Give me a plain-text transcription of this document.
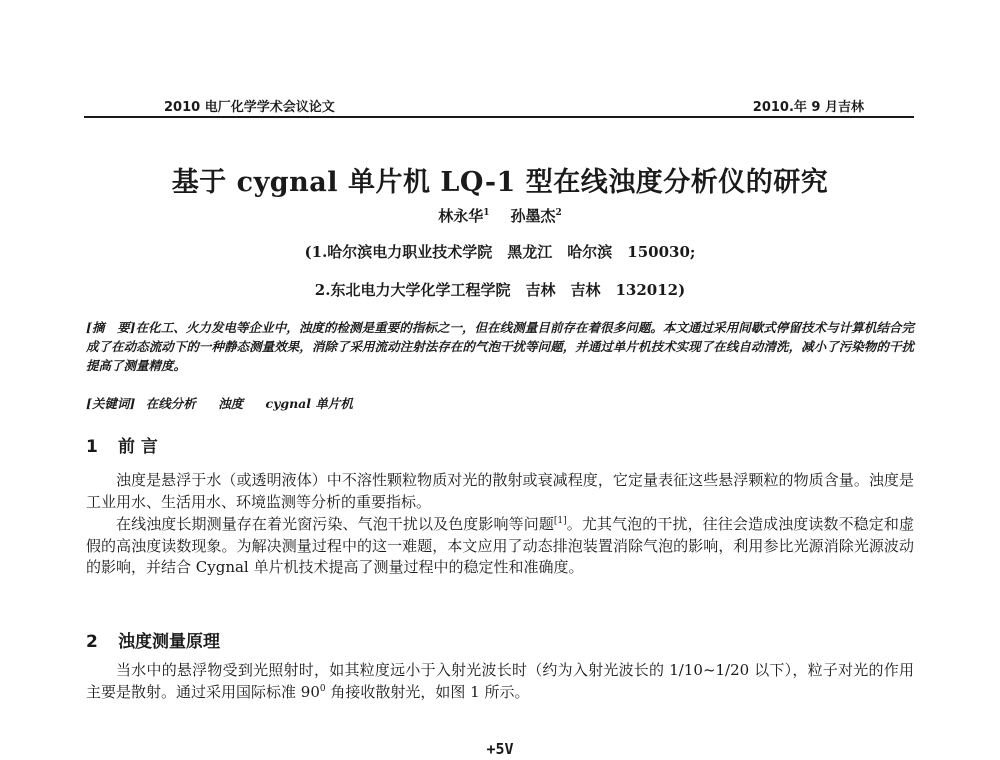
2010 电厂化学学术会议论文	2010.年 9 月吉林
基于 cygnal 单片机 LQ-1 型在线浊度分析仪的研究
林永华$^1$ 孙墨杰$^2$
(1.哈尔滨电力职业技术学院　黑龙江　哈尔滨　150030;
2.东北电力大学化学工程学院　吉林　吉林　132012)
[摘　要]在化工、火力发电等企业中，浊度的检测是重要的指标之一，但在线测量目前存在着很多问题。本文通过采用间歇式停留技术与计算机结合完成了在动态流动下的一种静态测量效果，消除了采用流动注射法存在的气泡干扰等问题，并通过单片机技术实现了在线自动清洗，减小了污染物的干扰提高了测量精度。
[关键词] 在线分析 浊度 cygnal 单片机
1 前 言
浊度是悬浮于水（或透明液体）中不溶性颗粒物质对光的散射或衰减程度，它定量表征这些悬浮颗粒的物质含量。浊度是工业用水、生活用水、环境监测等分析的重要指标。
在线浊度长期测量存在着光窗污染、气泡干扰以及色度影响等问题[1]。尤其气泡的干扰，往往会造成浊度读数不稳定和虚假的高浊度读数现象。为解决测量过程中的这一难题，本文应用了动态排泡装置消除气泡的影响，利用参比光源消除光源波动的影响，并结合 Cygnal 单片机技术提高了测量过程中的稳定性和准确度。
2 浊度测量原理
当水中的悬浮物受到光照射时，如其粒度远小于入射光波长时（约为入射光波长的 1/10~1/20 以下），粒子对光的作用主要是散射。通过采用国际标准 $90^0$ 角接收散射光，如图 1 所示。
+5V
